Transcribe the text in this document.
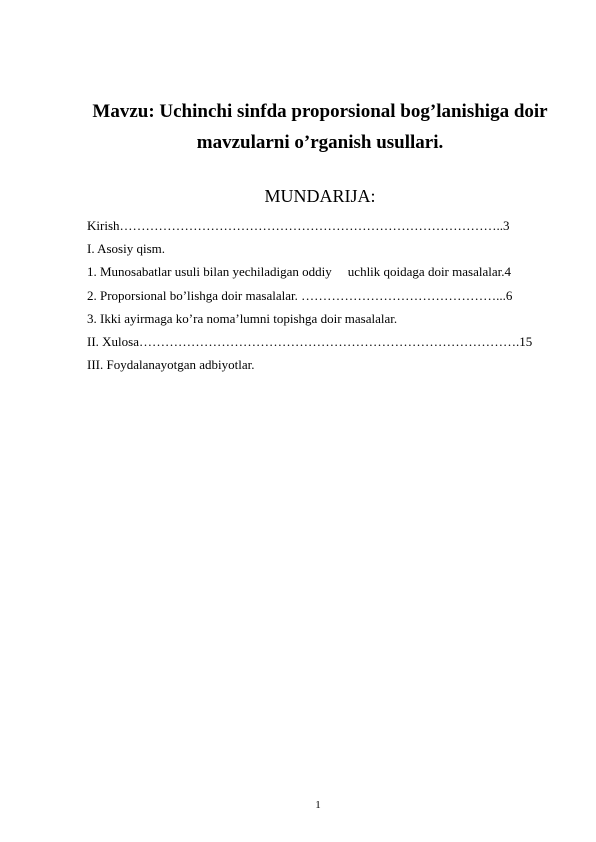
Mavzu: Uchinchi sinfda proporsional bog’lanishiga doir
mavzularni o’rganish usullari.
MUNDARIJA:
Kirish……………………………………………………………………………..3
I. Asosiy qism.
1. Munosabatlar usuli bilan yechiladigan oddiy uchlik qoidaga doir masalalar.4
2. Proporsional bo’lishga doir masalalar. ………………………………………...6
3. Ikki ayirmaga ko’ra noma’lumni topishga doir masalalar.
II. Xulosa…………………………………………………………………………….15
III. Foydalanayotgan adbiyotlar.
1
